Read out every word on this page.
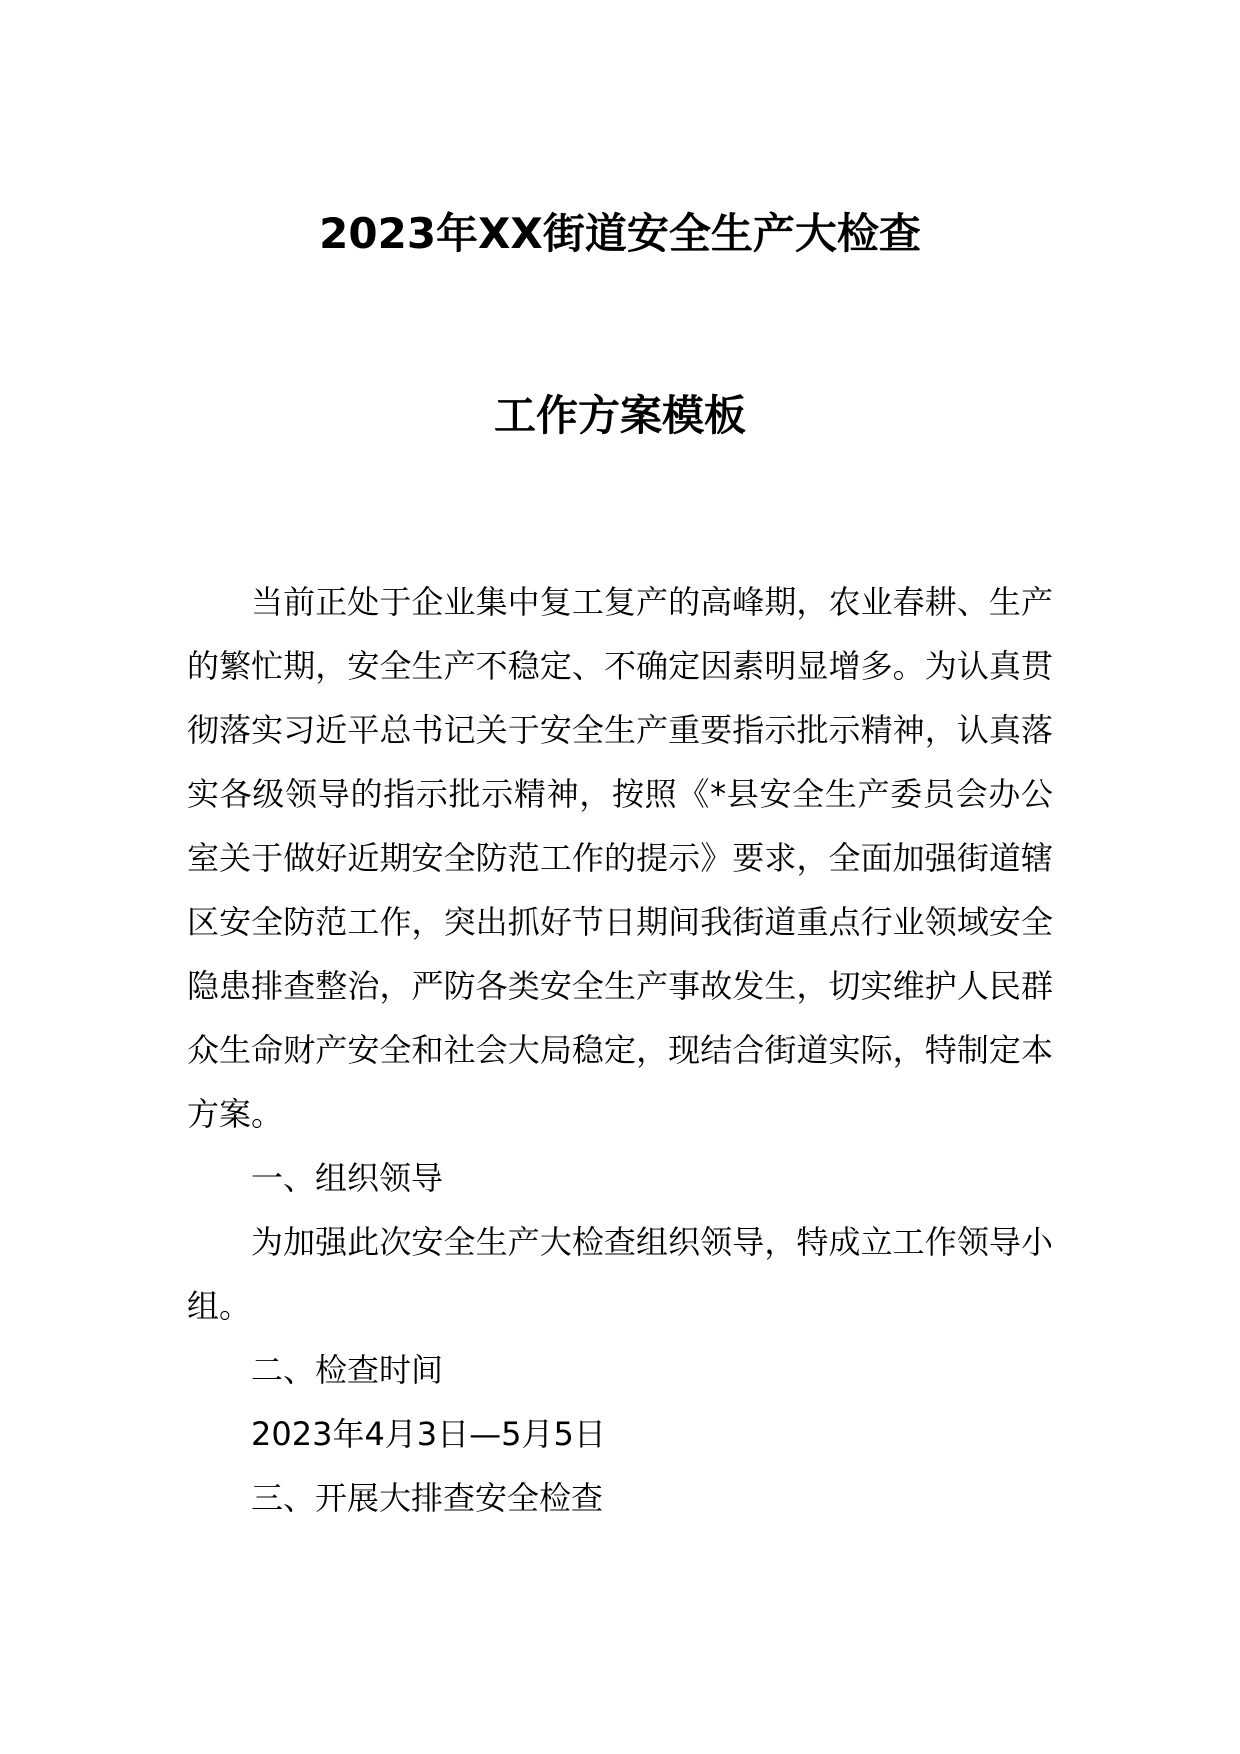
2023年XX街道安全生产大检查
工作方案模板

当前正处于企业集中复工复产的高峰期，农业春耕、生产的繁忙期，安全生产不稳定、不确定因素明显增多。为认真贯彻落实习近平总书记关于安全生产重要指示批示精神，认真落实各级领导的指示批示精神，按照《*县安全生产委员会办公室关于做好近期安全防范工作的提示》要求，全面加强街道辖区安全防范工作，突出抓好节日期间我街道重点行业领域安全隐患排查整治，严防各类安全生产事故发生，切实维护人民群众生命财产安全和社会大局稳定，现结合街道实际，特制定本方案。

一、组织领导

为加强此次安全生产大检查组织领导，特成立工作领导小组。

二、检查时间

2023年4月3日—5月5日

三、开展大排查安全检查
